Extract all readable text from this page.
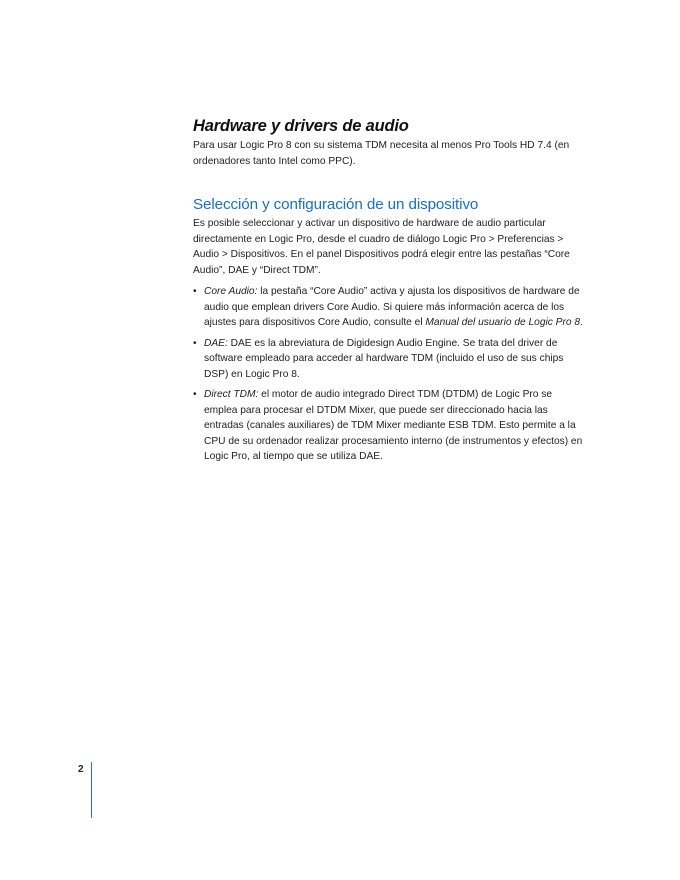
Hardware y drivers de audio

Para usar Logic Pro 8 con su sistema TDM necesita al menos Pro Tools HD 7.4 (en ordenadores tanto Intel como PPC).

Selección y configuración de un dispositivo

Es posible seleccionar y activar un dispositivo de hardware de audio particular directamente en Logic Pro, desde el cuadro de diálogo Logic Pro > Preferencias > Audio > Dispositivos. En el panel Dispositivos podrá elegir entre las pestañas “Core Audio”, DAE y “Direct TDM”.

• Core Audio: la pestaña “Core Audio” activa y ajusta los dispositivos de hardware de audio que emplean drivers Core Audio. Si quiere más información acerca de los ajustes para dispositivos Core Audio, consulte el Manual del usuario de Logic Pro 8.
• DAE: DAE es la abreviatura de Digidesign Audio Engine. Se trata del driver de software empleado para acceder al hardware TDM (incluido el uso de sus chips DSP) en Logic Pro 8.
• Direct TDM: el motor de audio integrado Direct TDM (DTDM) de Logic Pro se emplea para procesar el DTDM Mixer, que puede ser direccionado hacia las entradas (canales auxiliares) de TDM Mixer mediante ESB TDM. Esto permite a la CPU de su ordenador realizar procesamiento interno (de instrumentos y efectos) en Logic Pro, al tiempo que se utiliza DAE.
2
